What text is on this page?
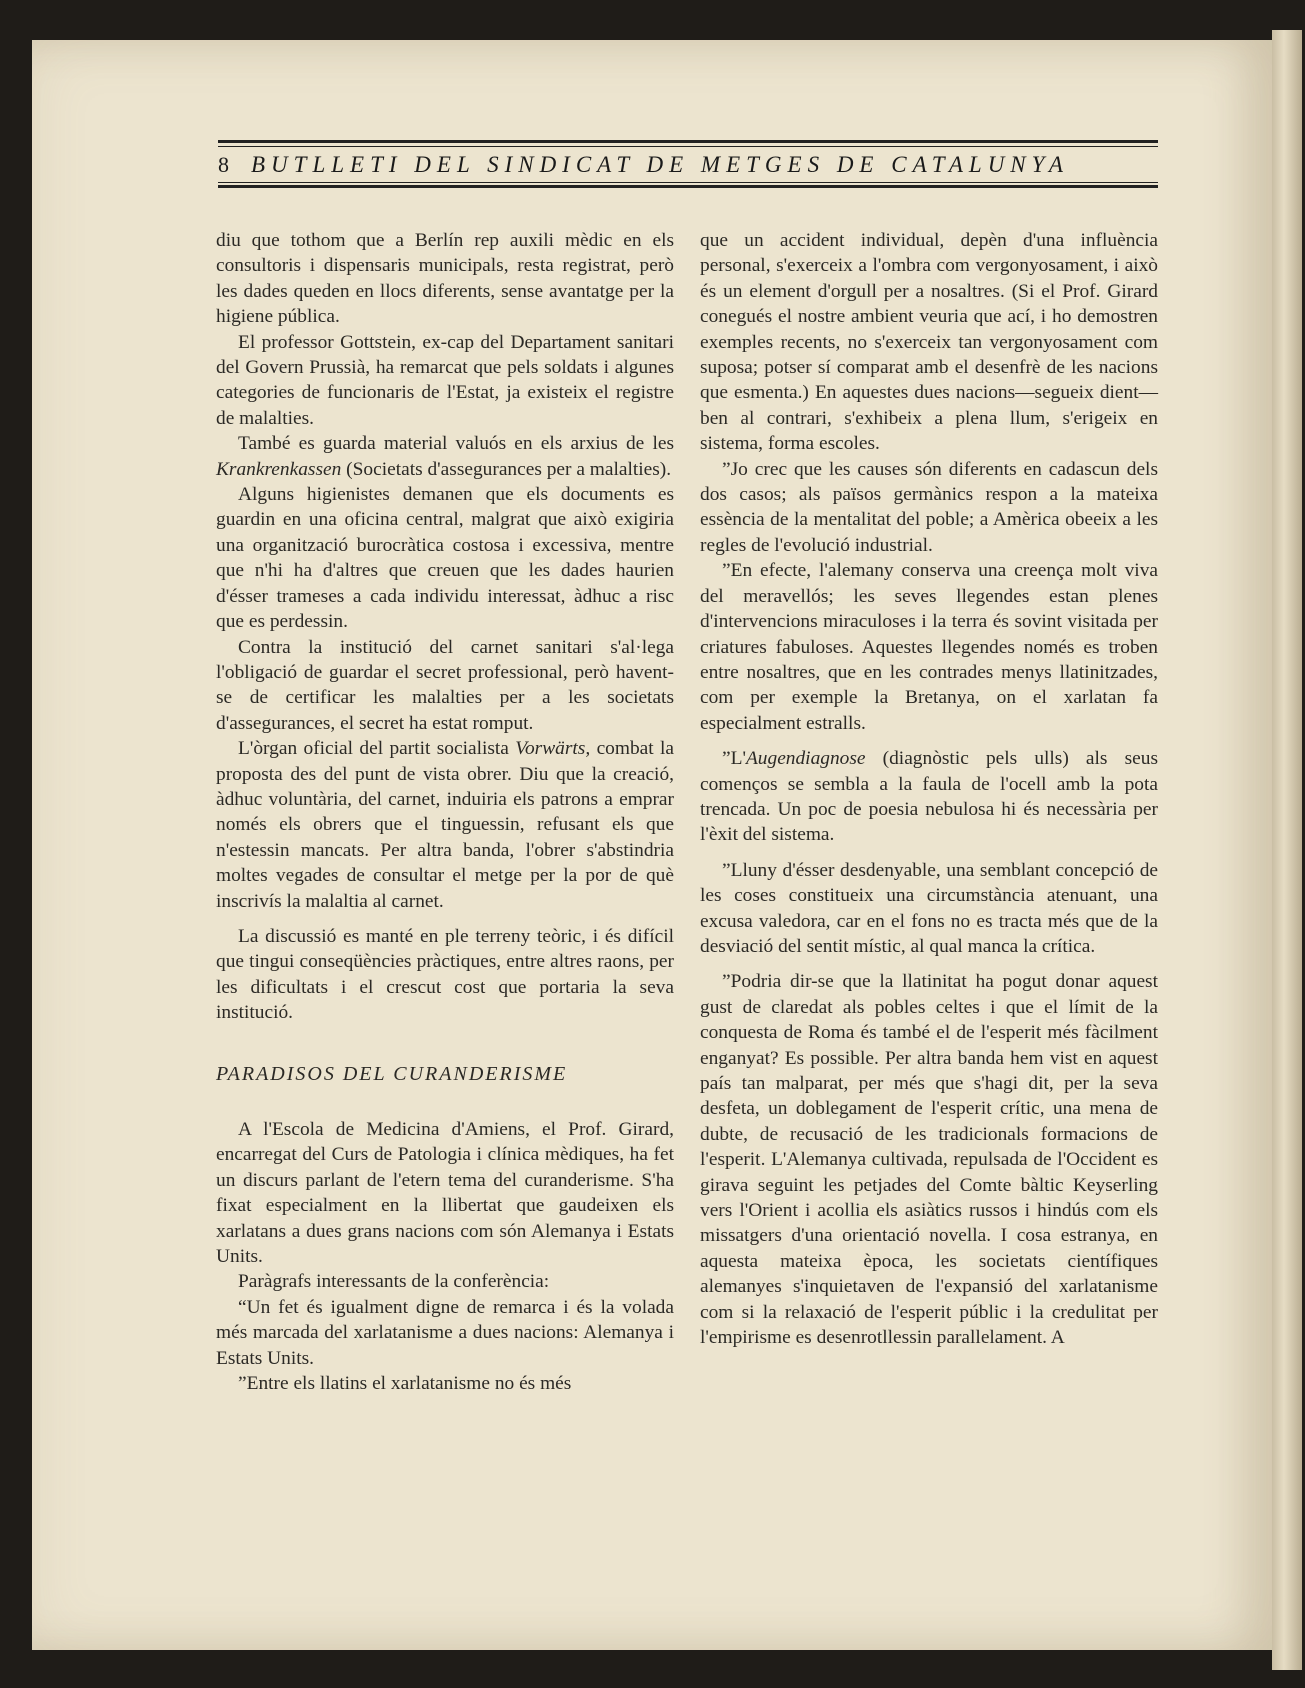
8 BUTLLETI DEL SINDICAT DE METGES DE CATALUNYA

diu que tothom que a Berlín rep auxili mèdic en els consultoris i dispensaris municipals, resta registrat, però les dades queden en llocs diferents, sense avantatge per la higiene pública.

El professor Gottstein, ex-cap del Departament sanitari del Govern Prussià, ha remarcat que pels soldats i algunes categories de funcionaris de l'Estat, ja existeix el registre de malalties.

També es guarda material valuós en els arxius de les Krankrenkassen (Societats d'assegurances per a malalties).

Alguns higienistes demanen que els documents es guardin en una oficina central, malgrat que això exigiria una organització burocràtica costosa i excessiva, mentre que n'hi ha d'altres que creuen que les dades haurien d'ésser trameses a cada individu interessat, àdhuc a risc que es perdessin.

Contra la institució del carnet sanitari s'al·lega l'obligació de guardar el secret professional, però havent-se de certificar les malalties per a les societats d'assegurances, el secret ha estat romput.

L'òrgan oficial del partit socialista Vorwärts, combat la proposta des del punt de vista obrer. Diu que la creació, àdhuc voluntària, del carnet, induiria els patrons a emprar només els obrers que el tinguessin, refusant els que n'estessin mancats. Per altra banda, l'obrer s'abstindria moltes vegades de consultar el metge per la por de què inscrivís la malaltia al carnet.

La discussió es manté en ple terreny teòric, i és difícil que tingui conseqüències pràctiques, entre altres raons, per les dificultats i el crescut cost que portaria la seva institució.

PARADISOS DEL CURANDERISME

A l'Escola de Medicina d'Amiens, el Prof. Girard, encarregat del Curs de Patologia i clínica mèdiques, ha fet un discurs parlant de l'etern tema del curanderisme. S'ha fixat especialment en la llibertat que gaudeixen els xarlatans a dues grans nacions com són Alemanya i Estats Units.

Paràgrafs interessants de la conferència:

“Un fet és igualment digne de remarca i és la volada més marcada del xarlatanisme a dues nacions: Alemanya i Estats Units.

”Entre els llatins el xarlatanisme no és més

que un accident individual, depèn d'una influència personal, s'exerceix a l'ombra com vergonyosament, i això és un element d'orgull per a nosaltres. (Si el Prof. Girard conegués el nostre ambient veuria que ací, i ho demostren exemples recents, no s'exerceix tan vergonyosament com suposa; potser sí comparat amb el desenfrè de les nacions que esmenta.) En aquestes dues nacions—segueix dient—ben al contrari, s'exhibeix a plena llum, s'erigeix en sistema, forma escoles.

”Jo crec que les causes són diferents en cadascun dels dos casos; als països germànics respon a la mateixa essència de la mentalitat del poble; a Amèrica obeeix a les regles de l'evolució industrial.

”En efecte, l'alemany conserva una creença molt viva del meravellós; les seves llegendes estan plenes d'intervencions miraculoses i la terra és sovint visitada per criatures fabuloses. Aquestes llegendes només es troben entre nosaltres, que en les contrades menys llatinitzades, com per exemple la Bretanya, on el xarlatan fa especialment estralls.

”L'Augendiagnose (diagnòstic pels ulls) als seus començos se sembla a la faula de l'ocell amb la pota trencada. Un poc de poesia nebulosa hi és necessària per l'èxit del sistema.

”Lluny d'ésser desdenyable, una semblant concepció de les coses constitueix una circumstància atenuant, una excusa valedora, car en el fons no es tracta més que de la desviació del sentit místic, al qual manca la crítica.

”Podria dir-se que la llatinitat ha pogut donar aquest gust de claredat als pobles celtes i que el límit de la conquesta de Roma és també el de l'esperit més fàcilment enganyat? Es possible. Per altra banda hem vist en aquest país tan malparat, per més que s'hagi dit, per la seva desfeta, un doblegament de l'esperit crític, una mena de dubte, de recusació de les tradicionals formacions de l'esperit. L'Alemanya cultivada, repulsada de l'Occident es girava seguint les petjades del Comte bàltic Keyserling vers l'Orient i acollia els asiàtics russos i hindús com els missatgers d'una orientació novella. I cosa estranya, en aquesta mateixa època, les societats científiques alemanyes s'inquietaven de l'expansió del xarlatanisme com si la relaxació de l'esperit públic i la credulitat per l'empirisme es desenrotllessin parallelament. A
